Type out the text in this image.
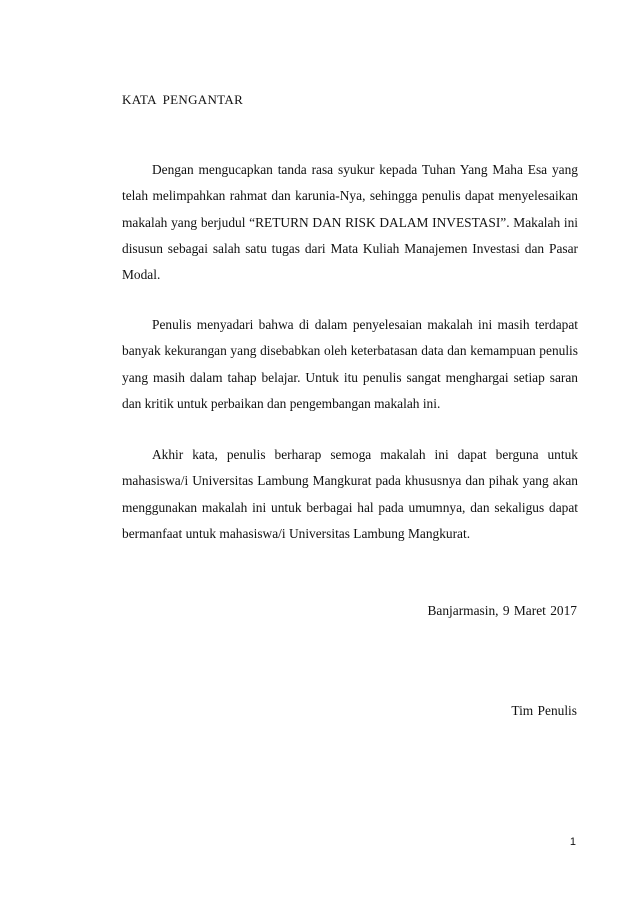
KATA PENGANTAR

Dengan mengucapkan tanda rasa syukur kepada Tuhan Yang Maha Esa yang telah melimpahkan rahmat dan karunia-Nya, sehingga penulis dapat menyelesaikan makalah yang berjudul “RETURN DAN RISK DALAM INVESTASI”. Makalah ini disusun sebagai salah satu tugas dari Mata Kuliah Manajemen Investasi dan Pasar Modal.

Penulis menyadari bahwa di dalam penyelesaian makalah ini masih terdapat banyak kekurangan yang disebabkan oleh keterbatasan data dan kemampuan penulis yang masih dalam tahap belajar. Untuk itu penulis sangat menghargai setiap saran dan kritik untuk perbaikan dan pengembangan makalah ini.

Akhir kata, penulis berharap semoga makalah ini dapat berguna untuk mahasiswa/i Universitas Lambung Mangkurat pada khususnya dan pihak yang akan menggunakan makalah ini untuk berbagai hal pada umumnya, dan sekaligus dapat bermanfaat untuk mahasiswa/i Universitas Lambung Mangkurat.

Banjarmasin, 9 Maret 2017
Tim Penulis
1
